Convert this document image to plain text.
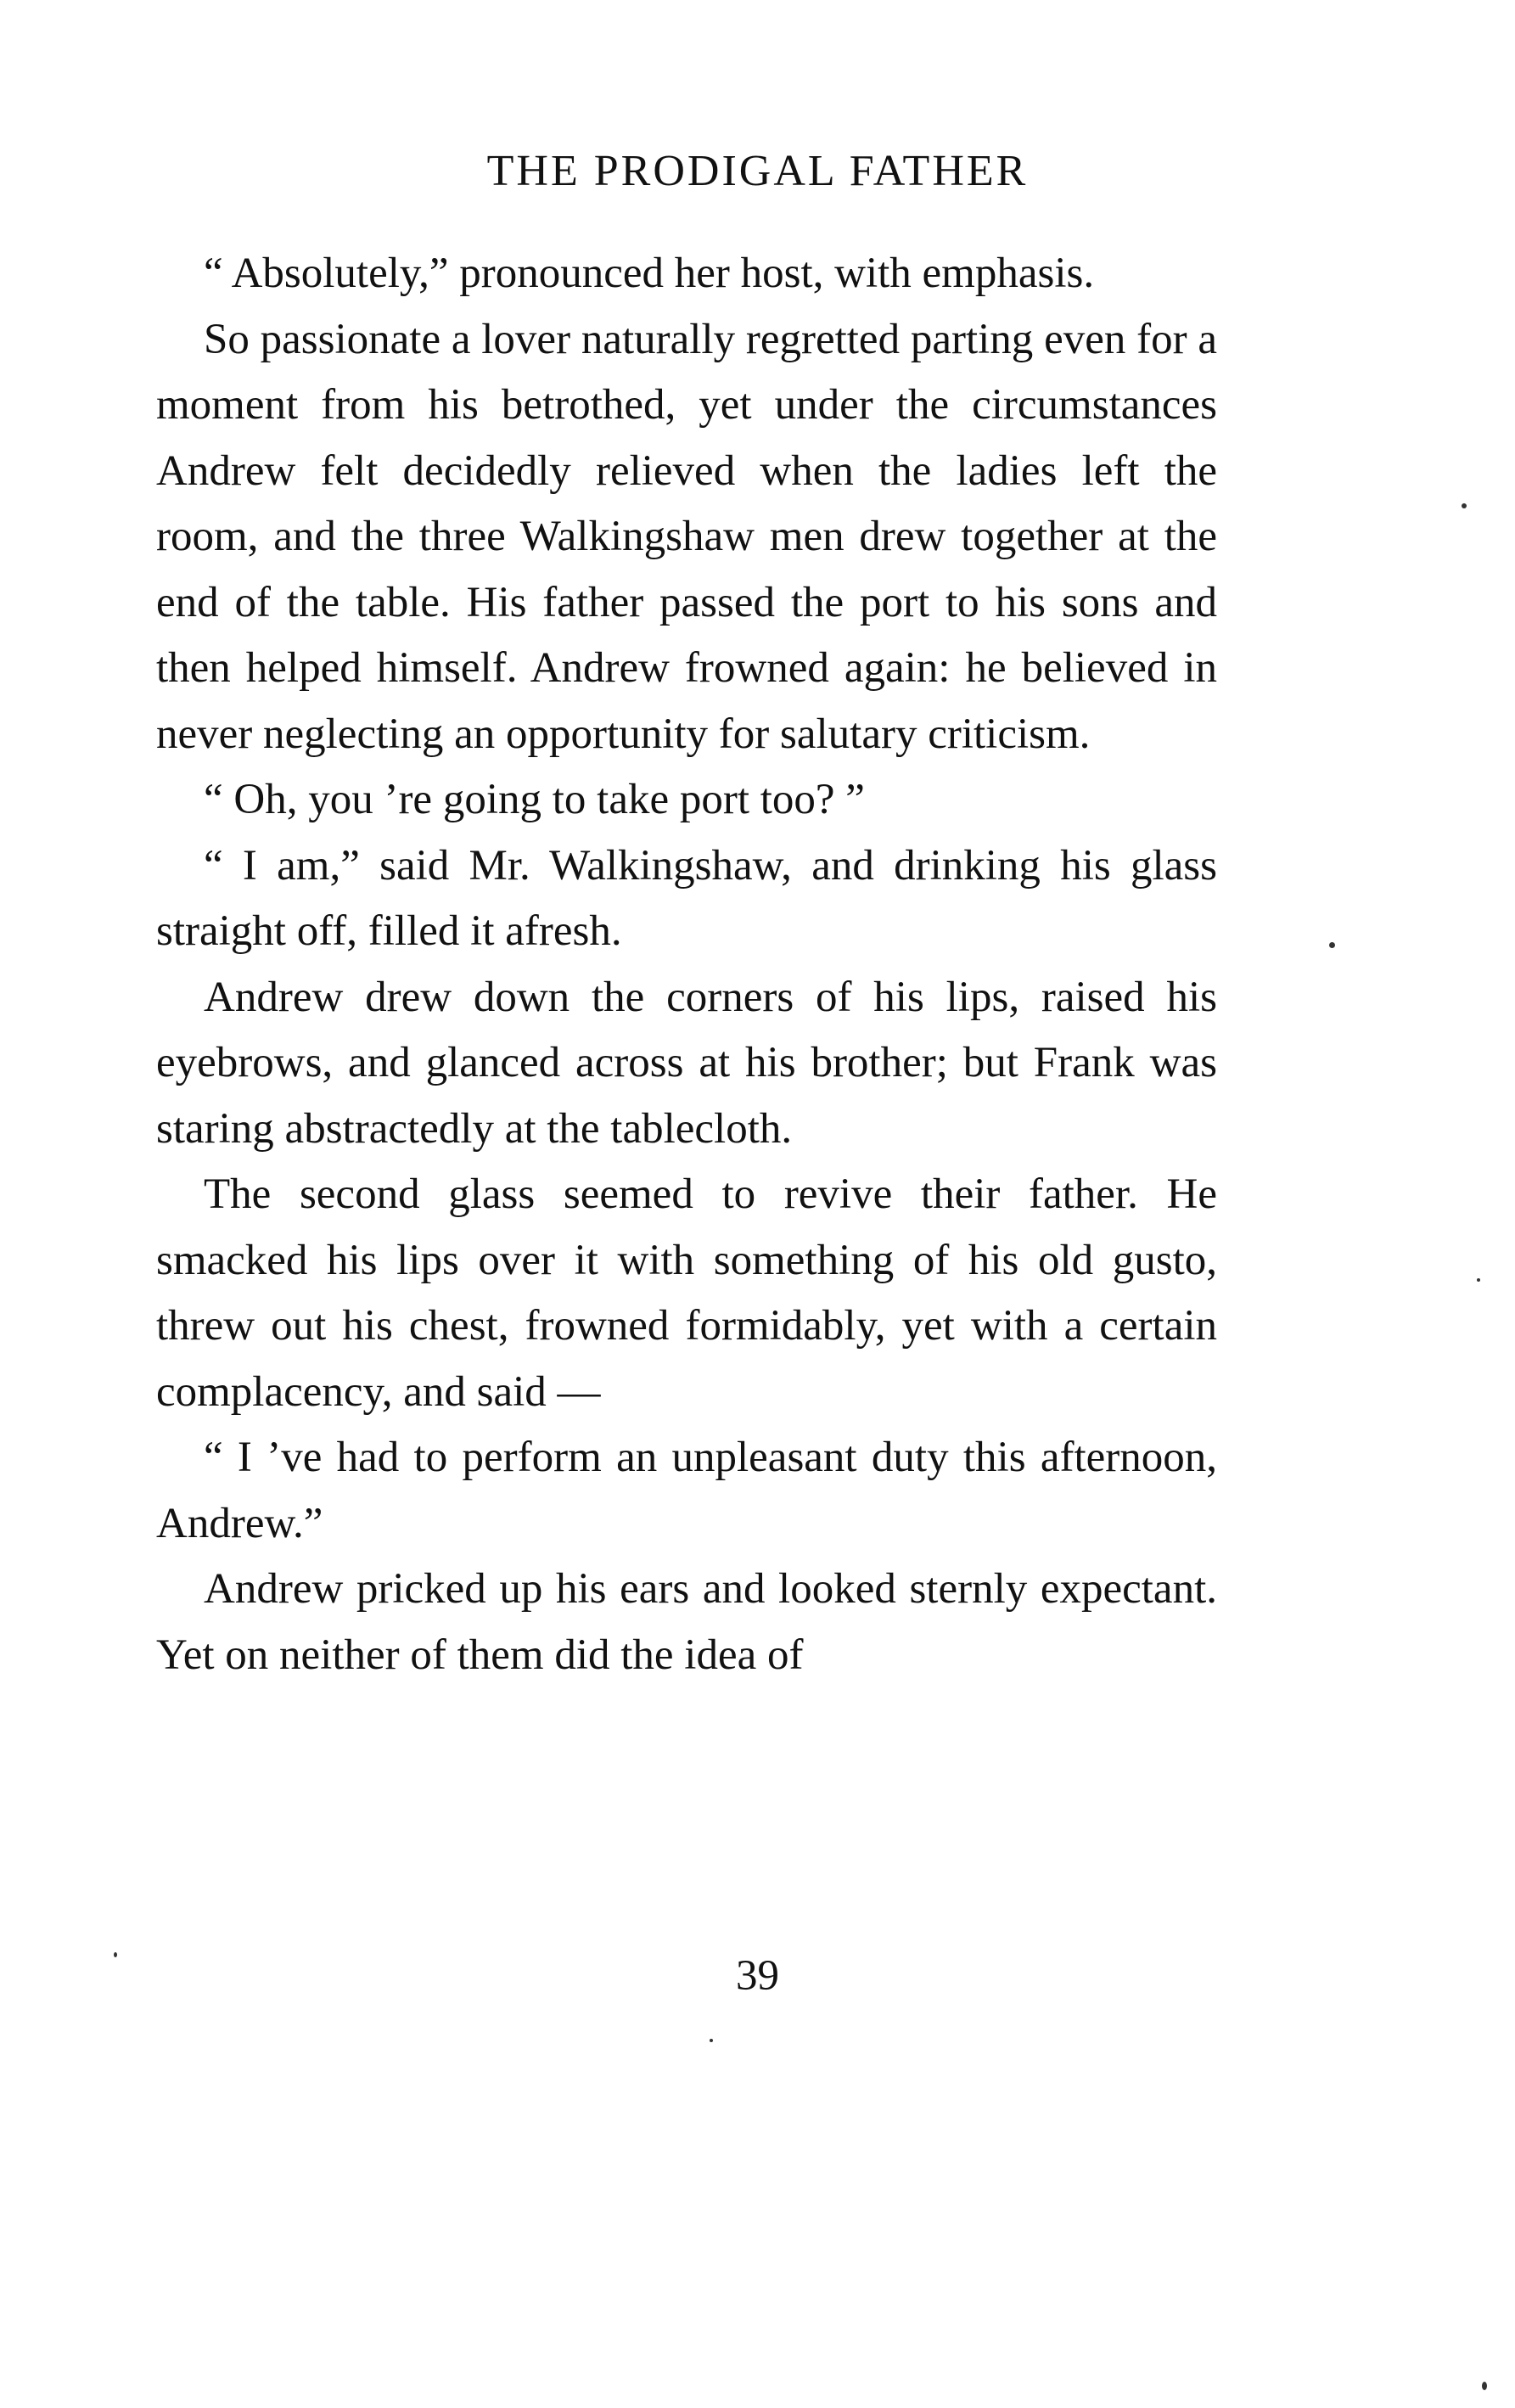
THE PRODIGAL FATHER

“ Absolutely,” pronounced her host, with emphasis.

So passionate a lover naturally regretted parting even for a moment from his betrothed, yet under the circumstances Andrew felt decidedly relieved when the ladies left the room, and the three Walkingshaw men drew together at the end of the table. His father passed the port to his sons and then helped himself. Andrew frowned again: he believed in never neglecting an opportunity for salutary criticism.

“ Oh, you ’re going to take port too? ”

“ I am,” said Mr. Walkingshaw, and drinking his glass straight off, filled it afresh.

Andrew drew down the corners of his lips, raised his eyebrows, and glanced across at his brother; but Frank was staring abstractedly at the tablecloth.

The second glass seemed to revive their father. He smacked his lips over it with something of his old gusto, threw out his chest, frowned formidably, yet with a certain complacency, and said —

“ I ’ve had to perform an unpleasant duty this afternoon, Andrew.”

Andrew pricked up his ears and looked sternly expectant. Yet on neither of them did the idea of

39
